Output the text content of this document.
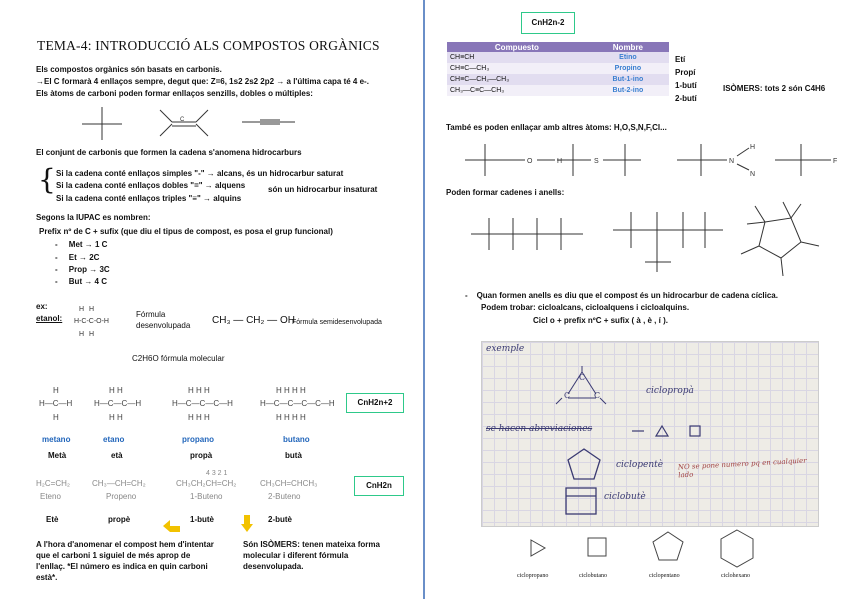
TEMA-4: INTRODUCCIÓ ALS COMPOSTOS ORGÀNICS
Els compostos orgànics són basats en carbonis.
→El C formarà 4 enllaços sempre, degut que: Z=6, 1s2 2s2 2p2 → a l'última capa té 4 e-.
Els àtoms de carboni poden formar enllaços senzills, dobles o múltiples:
C
El conjunt de carbonis que formen la cadena s'anomena hidrocarburs
{ Si la cadena conté enllaços simples "-" → alcans, és un hidrocarbur saturat
Si la cadena conté enllaços dobles "=" → alquens
Si la cadena conté enllaços triples "≡" → alquins
són un hidrocarbur insaturat
Segons la IUPAC es nombren:
Prefix nº de C + sufix (que diu el tipus de compost, es posa el grup funcional)
-     Met → 1 C
-     Et → 2C
-     Prop → 3C
-     But → 4 C
ex:
etanol:
H H
H-C-C-O-H
H H
Fórmula desenvolupada	CH₃ — CH₂ — OH
Fórmula semidesenvolupada
C2H6O fórmula molecular
H
H—C—H
H
H H
H—C—C—H
H H
H H H
H—C—C—C—H
H H H
H H H H
H—C—C—C—C—H
H H H H
CnH2n+2
metano	etano	propano	butano
Metà	età	propà	butà
4 3 2 1
H₂C=CH₂	CH₃—CH=CH₂	CH₃CH₂CH=CH₂	CH₃CH=CHCH₃
Eteno	Propeno	1-Buteno	2-Buteno
CnH2n
Etè	propè	1-butè	2-butè
A l'hora d'anomenar el compost hem d'intentar que el carboni 1 siguiel de més aprop de l'enllaç. *El número es indica en quin carboni està*.
Són ISÒMERS: tenen mateixa forma molecular i diferent fórmula desenvolupada.
CnH2n-2
Compuesto	Nombre
CH≡CH	Etino
CH≡C—CH₃	Propino
CH≡C—CH₂—CH₃	But-1-ino
CH₃—C≡C—CH₃	But-2-ino
Etí
Propí
1-butí
2-butí
ISÒMERS: tots 2 són C4H6
També es poden enllaçar amb altres àtoms: H,O,S,N,F,Cl...
O	H	S	N
H
N
F
Poden formar cadenes i anells:
-    Quan formen anells es diu que el compost és un hidrocarbur de cadena cíclica.
Podem trobar: cicloalcans, cicloalquens i cicloalquins.
Cicl o + prefix nºC + sufix ( à , è , í ).
exemple
C
C	C	ciclopropà
se hacen abreviaciones
ciclopentè NO se pone numero pq en cualquier lado
ciclobutè
ciclopropano	ciclobutano	ciclopentano	ciclohexano
